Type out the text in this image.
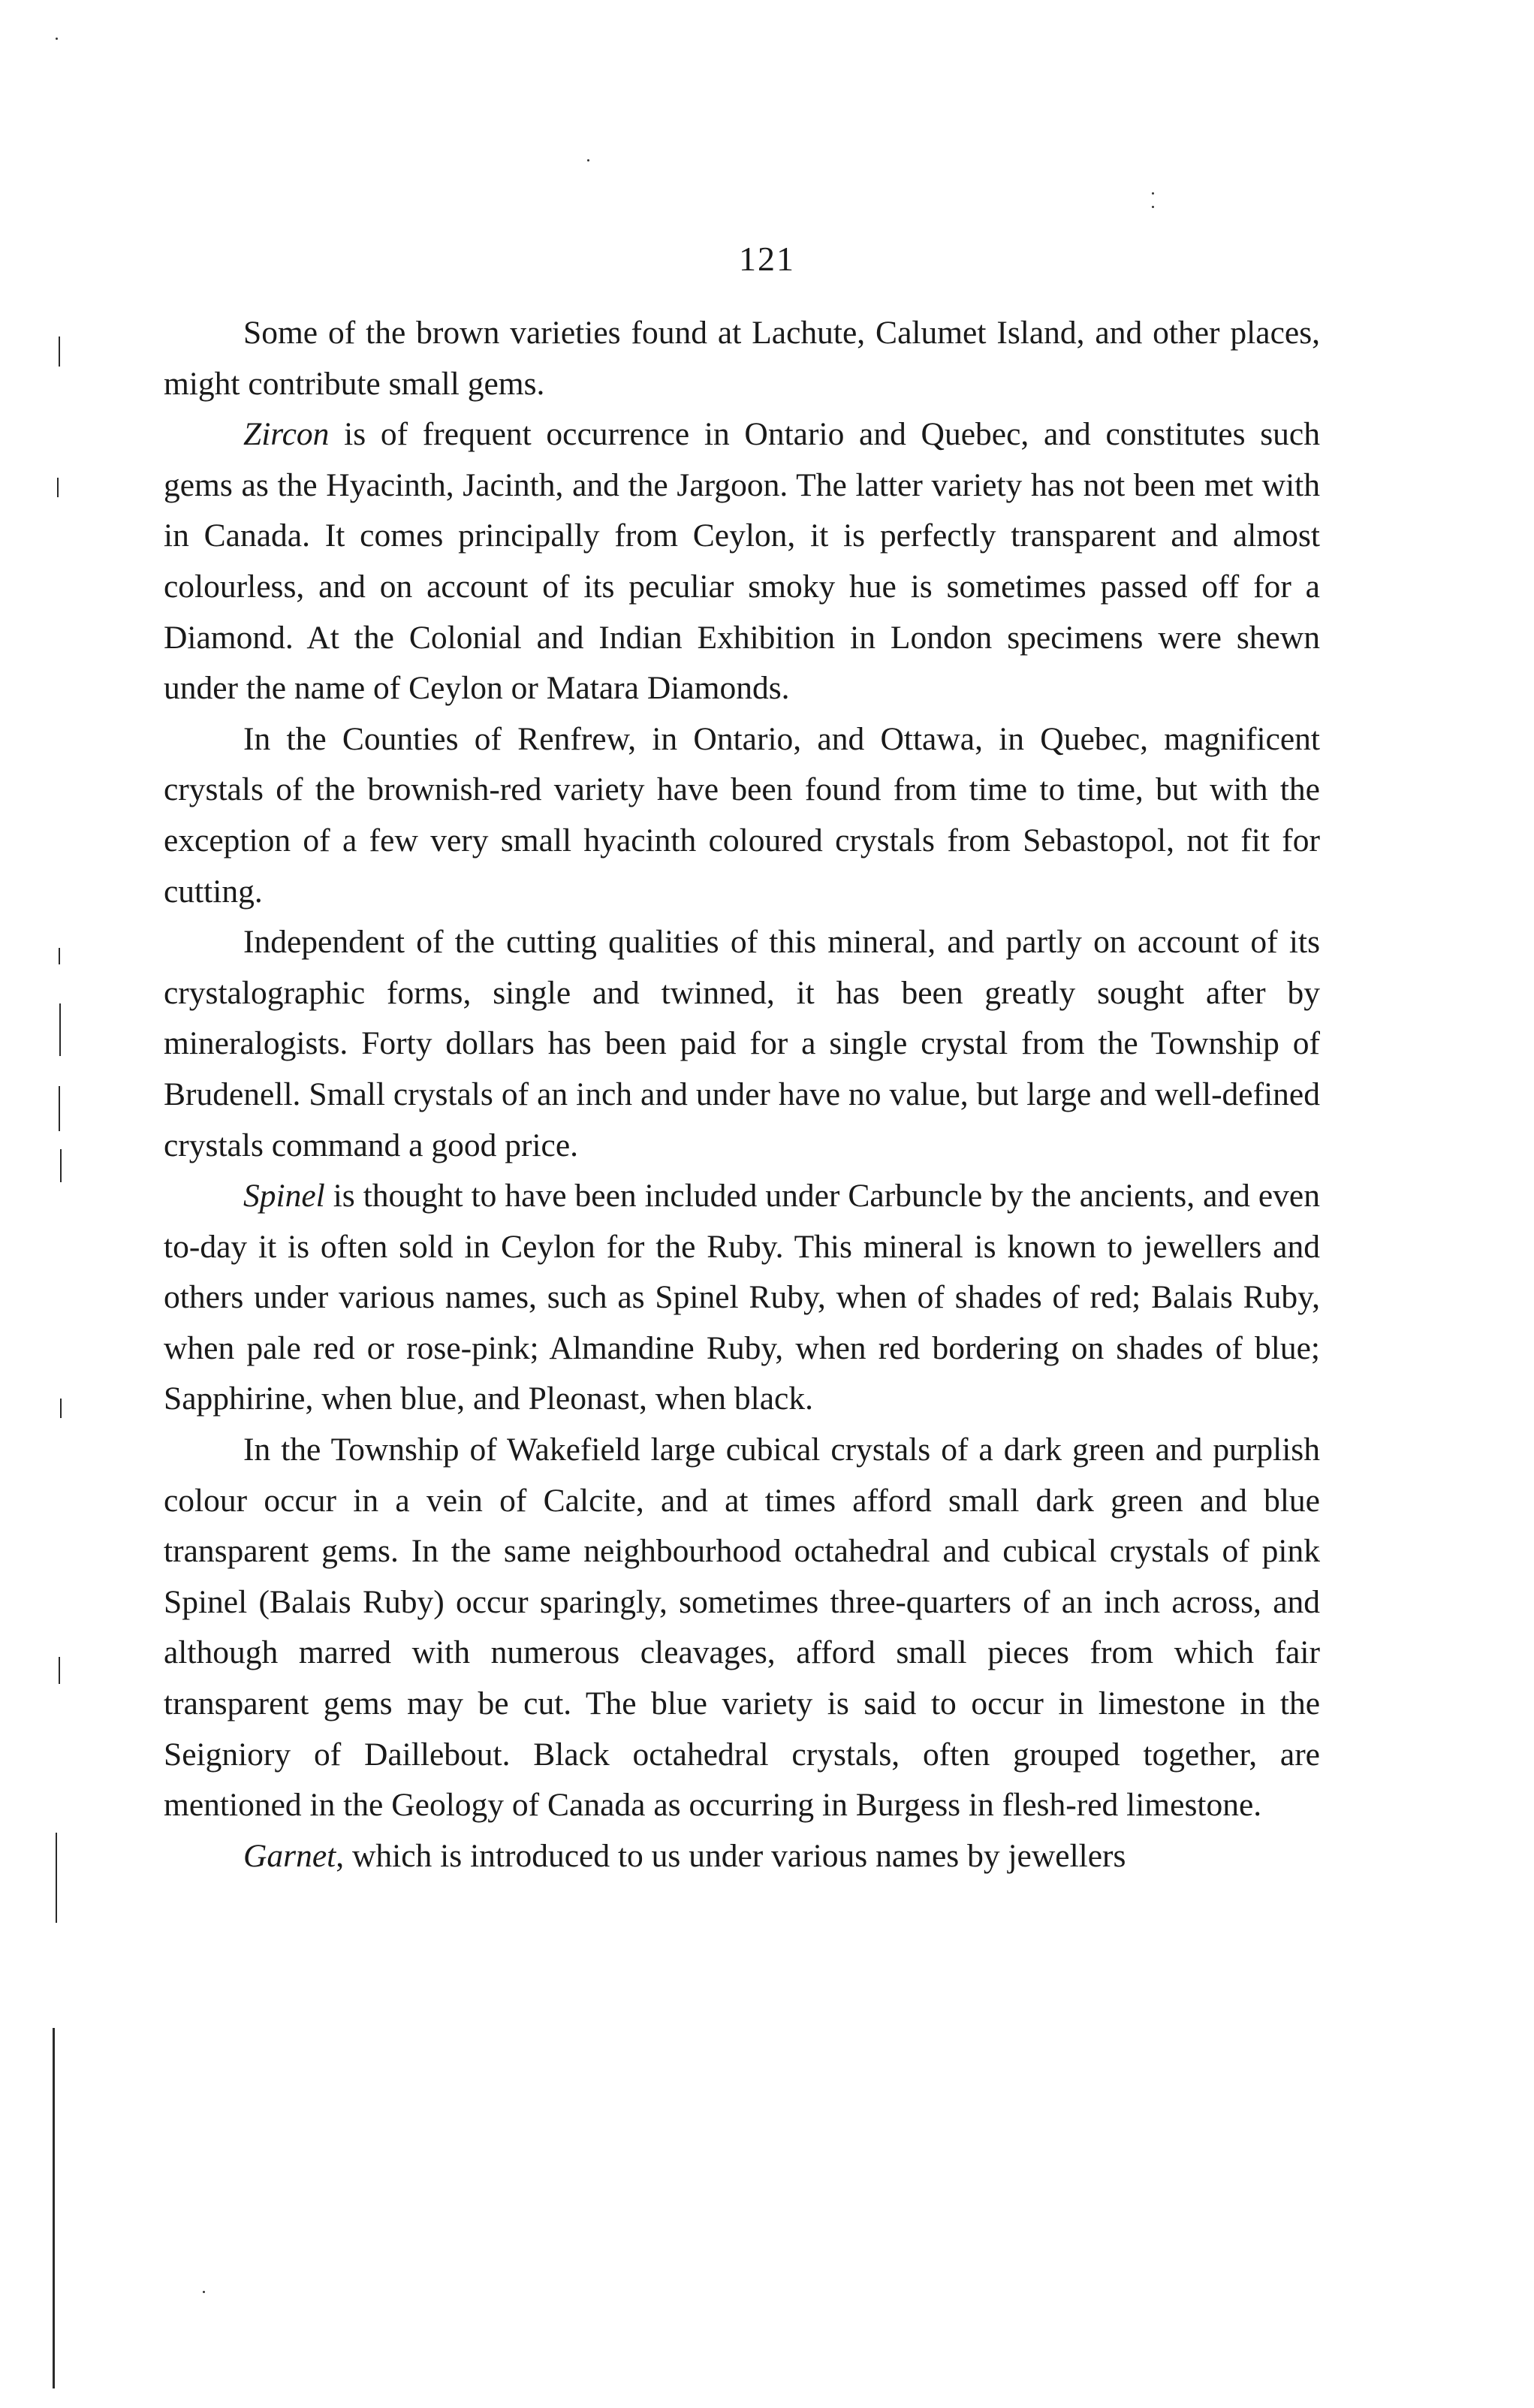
121

Some of the brown varieties found at Lachute, Calumet Island, and other places, might contribute small gems.

Zircon is of frequent occurrence in Ontario and Quebec, and constitutes such gems as the Hyacinth, Jacinth, and the Jargoon. The latter variety has not been met with in Canada. It comes principally from Ceylon, it is perfectly transparent and almost colourless, and on account of its peculiar smoky hue is sometimes passed off for a Diamond. At the Colonial and Indian Exhibition in London specimens were shewn under the name of Ceylon or Matara Diamonds.

In the Counties of Renfrew, in Ontario, and Ottawa, in Quebec, magnificent crystals of the brownish-red variety have been found from time to time, but with the exception of a few very small hyacinth coloured crystals from Sebastopol, not fit for cutting.

Independent of the cutting qualities of this mineral, and partly on account of its crystalographic forms, single and twinned, it has been greatly sought after by mineralogists. Forty dollars has been paid for a single crystal from the Township of Brudenell. Small crystals of an inch and under have no value, but large and well-defined crystals command a good price.

Spinel is thought to have been included under Carbuncle by the ancients, and even to-day it is often sold in Ceylon for the Ruby. This mineral is known to jewellers and others under various names, such as Spinel Ruby, when of shades of red; Balais Ruby, when pale red or rose-pink; Almandine Ruby, when red bordering on shades of blue; Sapphirine, when blue, and Pleonast, when black.

In the Township of Wakefield large cubical crystals of a dark green and purplish colour occur in a vein of Calcite, and at times afford small dark green and blue transparent gems. In the same neighbourhood octahedral and cubical crystals of pink Spinel (Balais Ruby) occur sparingly, sometimes three-quarters of an inch across, and although marred with numerous cleavages, afford small pieces from which fair transparent gems may be cut. The blue variety is said to occur in limestone in the Seigniory of Daillebout. Black octahedral crystals, often grouped together, are mentioned in the Geology of Canada as occurring in Burgess in flesh-red limestone.

Garnet, which is introduced to us under various names by jewellers
